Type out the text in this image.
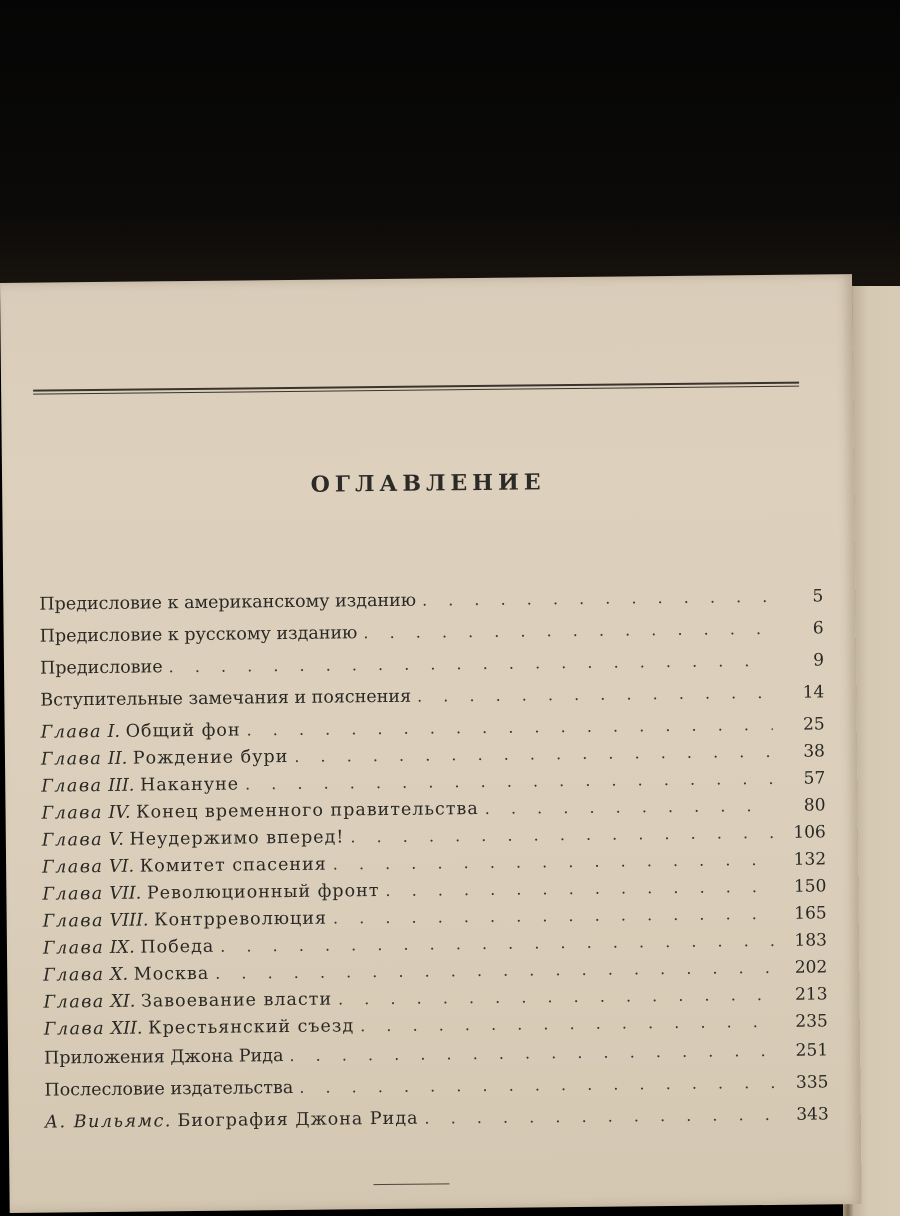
ОГЛАВЛЕНИЕ
Предисловие к американскому изданию . . .	5
Предисловие к русскому изданию . . .	6
Предисловие . . .	9
Вступительные замечания и пояснения . . .	14
Глава I. Общий фон . . .	25
Глава II. Рождение бури . . .	38
Глава III. Накануне . . .	57
Глава IV. Конец временного правительства . . .	80
Глава V. Неудержимо вперед! . . .	106
Глава VI. Комитет спасения . . .	132
Глава VII. Революционный фронт . . .	150
Глава VIII. Контрреволюция . . .	165
Глава IX. Победа . . .	183
Глава X. Москва . . .	202
Глава XI. Завоевание власти . . .	213
Глава XII. Крестьянский съезд . . .	235
Приложения Джона Рида . . .	251
Послесловие издательства . . .	335
А. Вильямс. Биография Джона Рида . . .	343
